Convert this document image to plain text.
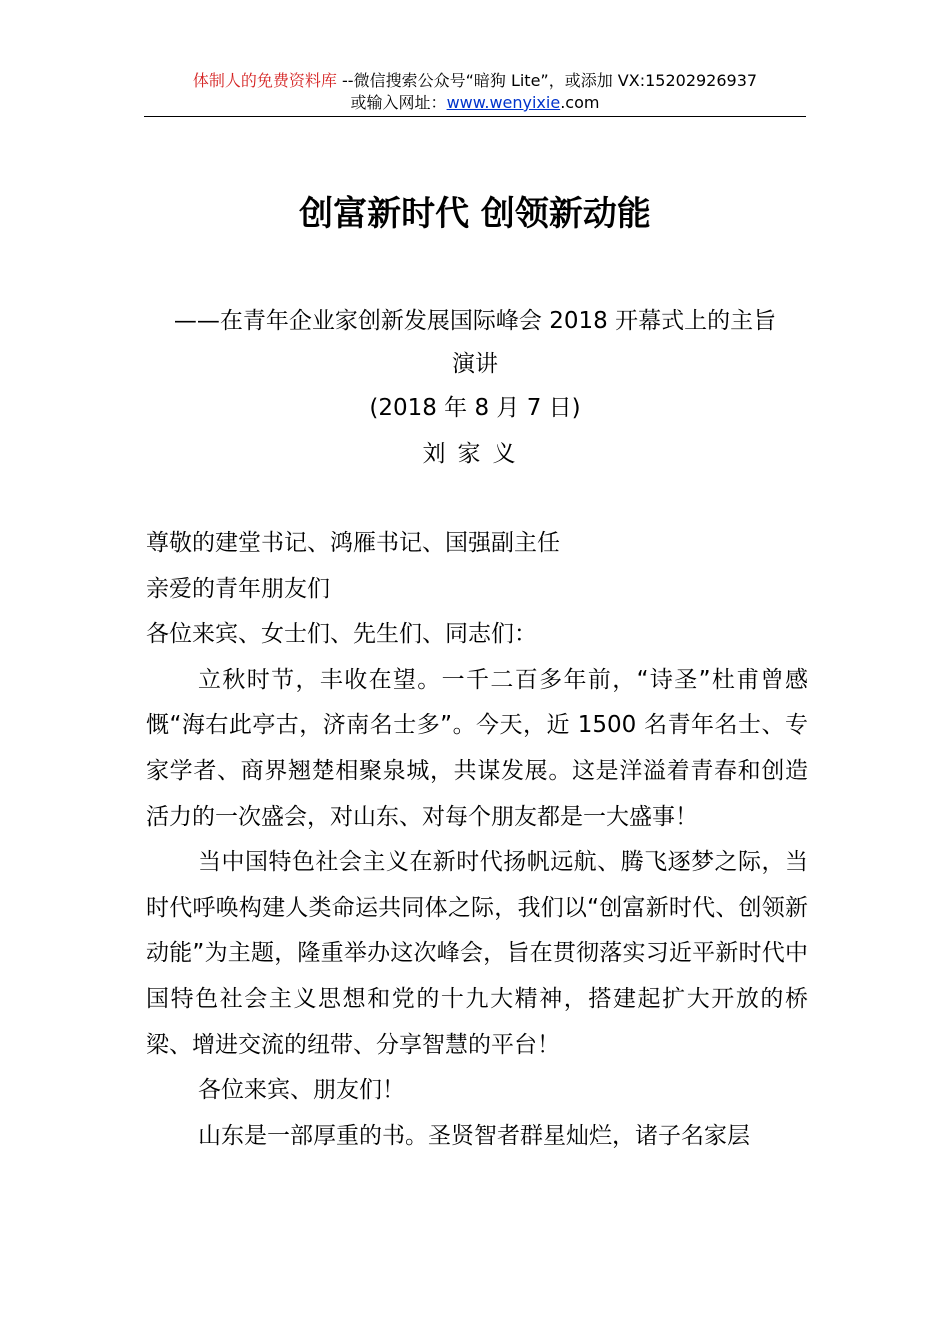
体制人的免费资料库 --微信搜索公众号“暗狗 Lite”，或添加 VX:15202926937
或输入网址：www.wenyixie.com
创富新时代 创领新动能
——在青年企业家创新发展国际峰会 2018 开幕式上的主旨
演讲
(2018 年 8 月 7 日)
刘家义

尊敬的建堂书记、鸿雁书记、国强副主任

亲爱的青年朋友们

各位来宾、女士们、先生们、同志们：

立秋时节，丰收在望。一千二百多年前，“诗圣”杜甫曾感慨“海右此亭古，济南名士多”。今天，近 1500 名青年名士、专家学者、商界翘楚相聚泉城，共谋发展。这是洋溢着青春和创造活力的一次盛会，对山东、对每个朋友都是一大盛事！

当中国特色社会主义在新时代扬帆远航、腾飞逐梦之际，当时代呼唤构建人类命运共同体之际，我们以“创富新时代、创领新动能”为主题，隆重举办这次峰会，旨在贯彻落实习近平新时代中国特色社会主义思想和党的十九大精神，搭建起扩大开放的桥梁、增进交流的纽带、分享智慧的平台！

各位来宾、朋友们！

山东是一部厚重的书。圣贤智者群星灿烂，诸子名家层
